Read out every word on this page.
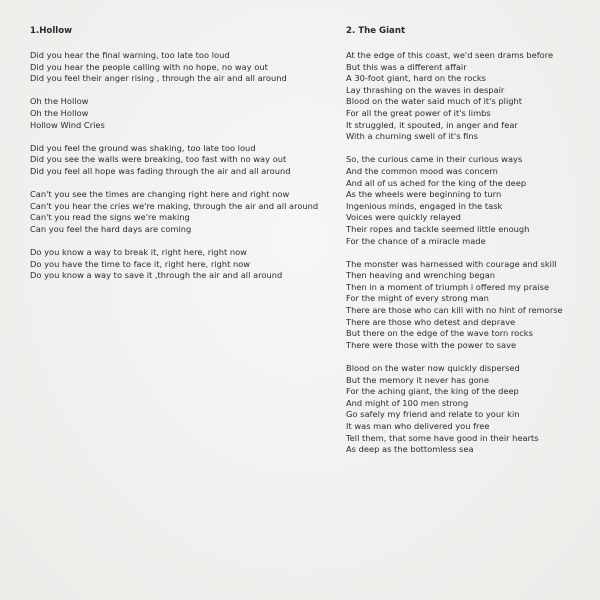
1.Hollow
Did you hear the final warning, too late too loud
Did you hear the people calling with no hope, no way out
Did you feel their anger rising , through the air and all around
Oh the Hollow
Oh the Hollow
Hollow Wind Cries
Did you feel the ground was shaking, too late too loud
Did you see the walls were breaking, too fast with no way out
Did you feel all hope was fading through the air and all around
Can't you see the times are changing right here and right now
Can't you hear the cries we're making, through the air and all around
Can't you read the signs we're making
Can you feel the hard days are coming
Do you know a way to break it, right here, right now
Do you have the time to face it, right here, right now
Do you know a way to save it ,through the air and all around
2. The Giant
At the edge of this coast, we'd seen drams before
But this was a different affair
A 30-foot giant, hard on the rocks
Lay thrashing on the waves in despair
Blood on the water said much of it's plight
For all the great power of it's limbs
It struggled, it spouted, in anger and fear
With a churning swell of it's fins
So, the curious came in their curious ways
And the common mood was concern
And all of us ached for the king of the deep
As the wheels were beginning to turn
Ingenious minds, engaged in the task
Voices were quickly relayed
Their ropes and tackle seemed little enough
For the chance of a miracle made
The monster was harnessed with courage and skill
Then heaving and wrenching began
Then in a moment of triumph i offered my praise
For the might of every strong man
There are those who can kill with no hint of remorse
There are those who detest and deprave
But there on the edge of the wave torn rocks
There were those with the power to save
Blood on the water now quickly dispersed
But the memory it never has gone
For the aching giant, the king of the deep
And might of 100 men strong
Go safely my friend and relate to your kin
It was man who delivered you free
Tell them, that some have good in their hearts
As deep as the bottomless sea
